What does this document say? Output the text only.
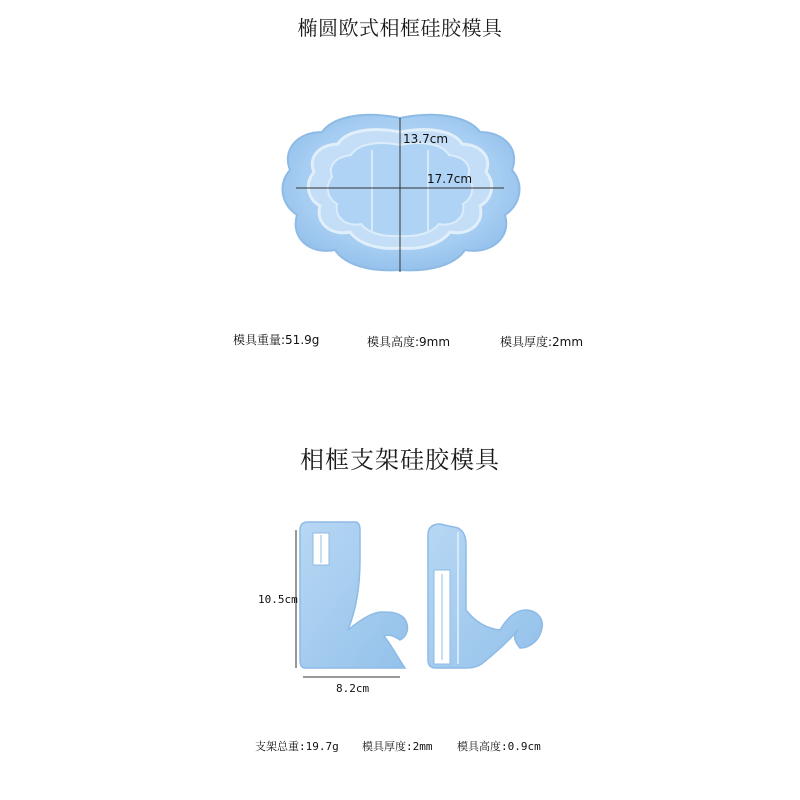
椭圆欧式相框硅胶模具
13.7cm
17.7cm
模具重量:51.9g	模具高度:9mm	模具厚度:2mm
相框支架硅胶模具
10.5cm
8.2cm
支架总重:19.7g 模具厚度:2mm 模具高度:0.9cm
